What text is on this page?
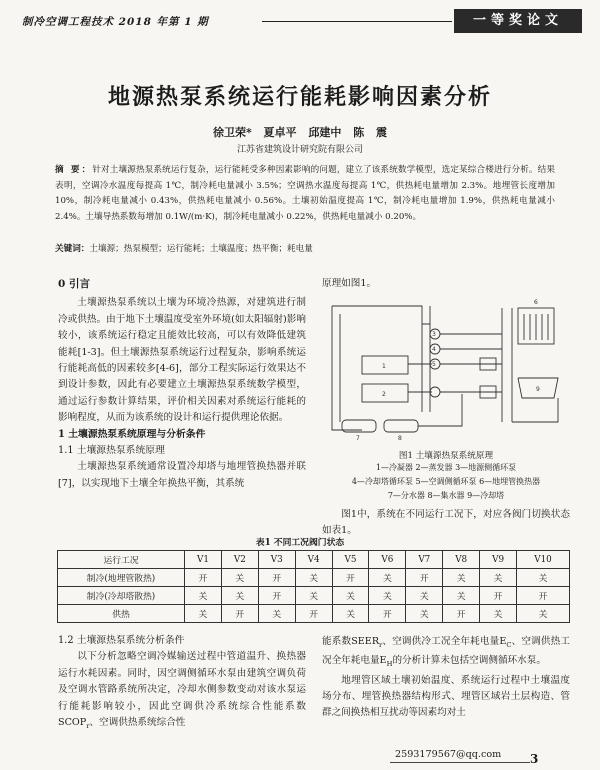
制冷空调工程技术 2018 年第 1 期	一等奖论文
地源热泵系统运行能耗影响因素分析
徐卫荣* 夏卓平 邱建中 陈 震
江苏省建筑设计研究院有限公司
摘 要：针对土壤源热泵系统运行复杂，运行能耗受多种因素影响的问题，建立了该系统数学模型，选定某综合楼进行分析。结果表明，空调冷水温度每提高 1℃，制冷耗电量减小 3.5%；空调热水温度每提高 1℃，供热耗电量增加 2.3%。地埋管长度增加 10%，制冷耗电量减小 0.43%，供热耗电量减小 0.56%。土壤初始温度提高 1℃，制冷耗电量增加 1.9%，供热耗电量减小 2.4%。土壤导热系数每增加 0.1W/(m·K)，制冷耗电量减小 0.22%，供热耗电量减小 0.20%。
关键词：土壤源；热泵模型；运行能耗；土壤温度；热平衡；耗电量
0 引言

土壤源热泵系统以土壤为环境冷热源，对建筑进行制冷或供热。由于地下土壤温度受室外环境(如太阳辐射)影响较小，该系统运行稳定且能效比较高，可以有效降低建筑能耗[1-3]。但土壤源热泵系统运行过程复杂，影响系统运行能耗高低的因素较多[4-6]，部分工程实际运行效果达不到设计参数，因此有必要建立土壤源热泵系统数学模型，通过运行参数计算结果，评价相关因素对系统运行能耗的影响程度，从而为该系统的设计和运行提供理论依据。

1 土壤源热泵系统原理与分析条件
1.1 土壤源热泵系统原理

土壤源热泵系统通常设置冷却塔与地埋管换热器并联[7]，以实现地下土壤全年换热平衡，其系统

原理如图1。
3
4
5
1
2
6
7	8
9
图1 土壤源热泵系统原理
1—冷凝器 2—蒸发器 3—地源侧循环泵
4—冷却塔循环泵 5—空调侧循环泵 6—地埋管换热器
7—分水器 8—集水器 9—冷却塔
图1中，系统在不同运行工况下，对应各阀门切换状态如表1。
表1 不同工况阀门状态
运行工况	V1	V2	V3	V4	V5	V6	V7	V8	V9	V10
制冷(地埋管散热)	开	关	开	关	开	关	开	关	关	关
制冷(冷却塔散热)	关	关	开	关	关	关	关	关	开	开
供热	关	开	关	开	关	开	关	开	关	关
1.2 土壤源热泵系统分析条件

以下分析忽略空调冷媒输送过程中管道温升、换热器运行水耗因素。同时，因空调侧循环水泵由建筑空调负荷及空调水管路系统所决定，冷却水侧参数变动对该水泵运行能耗影响较小，因此空调供冷系统综合性能系数$SCOP_r$、空调供热系统综合性

能系数$SEER_r$、空调供冷工况全年耗电量$E_C$、空调供热工况全年耗电量$E_H$的分析计算未包括空调侧循环水泵。

地埋管区域土壤初始温度、系统运行过程中土壤温度场分布、埋管换热器结构形式、埋管区域岩土层构造、管群之间换热相互扰动等因素均对土

2593179567@qq.com 3
